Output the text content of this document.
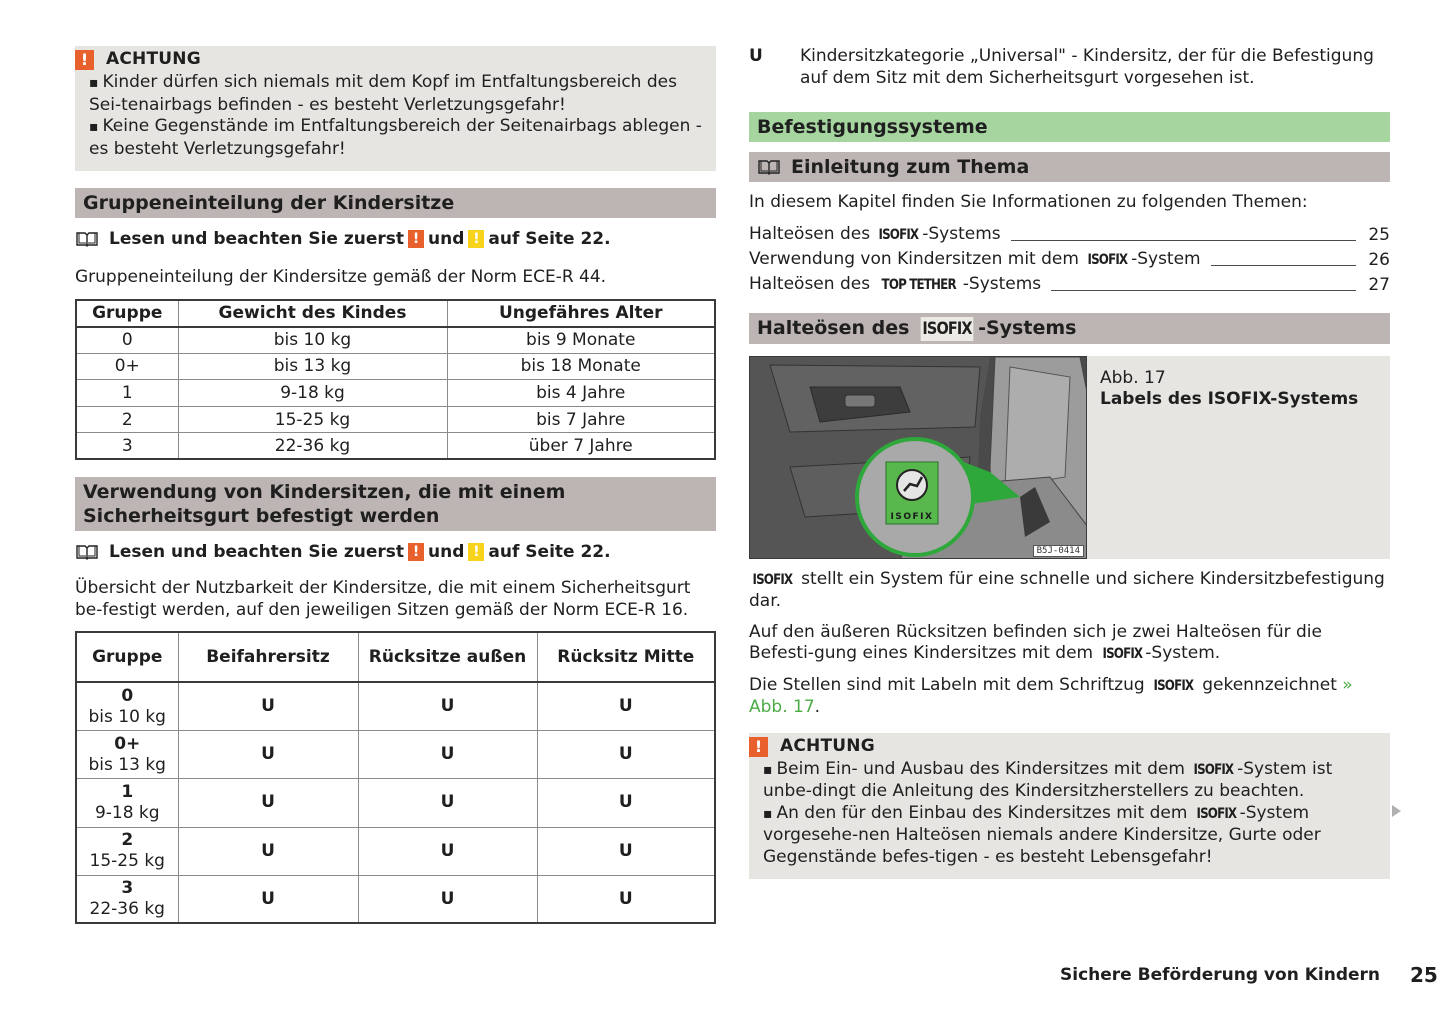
!	ACHTUNG
▪ Kinder dürfen sich niemals mit dem Kopf im Entfaltungsbereich des Sei-tenairbags befinden - es besteht Verletzungsgefahr!
▪ Keine Gegenstände im Entfaltungsbereich der Seitenairbags ablegen - es besteht Verletzungsgefahr!
Gruppeneinteilung der Kindersitze
Lesen und beachten Sie zuerst ! und ! auf Seite 22.

Gruppeneinteilung der Kindersitze gemäß der Norm ECE-R 44.

Gruppe	Gewicht des Kindes	Ungefähres Alter
0	bis 10 kg	bis 9 Monate
0+	bis 13 kg	bis 18 Monate
1	9-18 kg	bis 4 Jahre
2	15-25 kg	bis 7 Jahre
3	22-36 kg	über 7 Jahre
Verwendung von Kindersitzen, die mit einem Sicherheitsgurt befestigt werden
Lesen und beachten Sie zuerst ! und ! auf Seite 22.

Übersicht der Nutzbarkeit der Kindersitze, die mit einem Sicherheitsgurt be-festigt werden, auf den jeweiligen Sitzen gemäß der Norm ECE-R 16.

Gruppe	Beifahrersitz	Rücksitze außen	Rücksitz Mitte

0
bis 10 kg	U	U	U

0+
bis 13 kg	U	U	U

1
9-18 kg	U	U	U

2
15-25 kg	U	U	U

3
22-36 kg	U	U	U
U	Kindersitzkategorie „Universal" - Kindersitz, der für die Befestigung auf dem Sitz mit dem Sicherheitsgurt vorgesehen ist.
Befestigungssysteme
Einleitung zum Thema

In diesem Kapitel finden Sie Informationen zu folgenden Themen:

Halteösen des ISOFIX -Systems	25
Verwendung von Kindersitzen mit dem ISOFIX -System	26
Halteösen des TOP TETHER -Systems	27
Halteösen des ISOFIX -Systems
ISOFIX
B5J-0414
Abb. 17
Labels des ISOFIX-Systems

ISOFIX stellt ein System für eine schnelle und sichere Kindersitzbefestigung dar.

Auf den äußeren Rücksitzen befinden sich je zwei Halteösen für die Befesti-gung eines Kindersitzes mit dem ISOFIX -System.

Die Stellen sind mit Labeln mit dem Schriftzug ISOFIX gekennzeichnet » Abb. 17.

!	ACHTUNG
▪ Beim Ein- und Ausbau des Kindersitzes mit dem ISOFIX -System ist unbe-dingt die Anleitung des Kindersitzherstellers zu beachten.
▪ An den für den Einbau des Kindersitzes mit dem ISOFIX -System vorgesehe-nen Halteösen niemals andere Kindersitze, Gurte oder Gegenstände befes-tigen - es besteht Lebensgefahr!
Sichere Beförderung von Kindern 25
